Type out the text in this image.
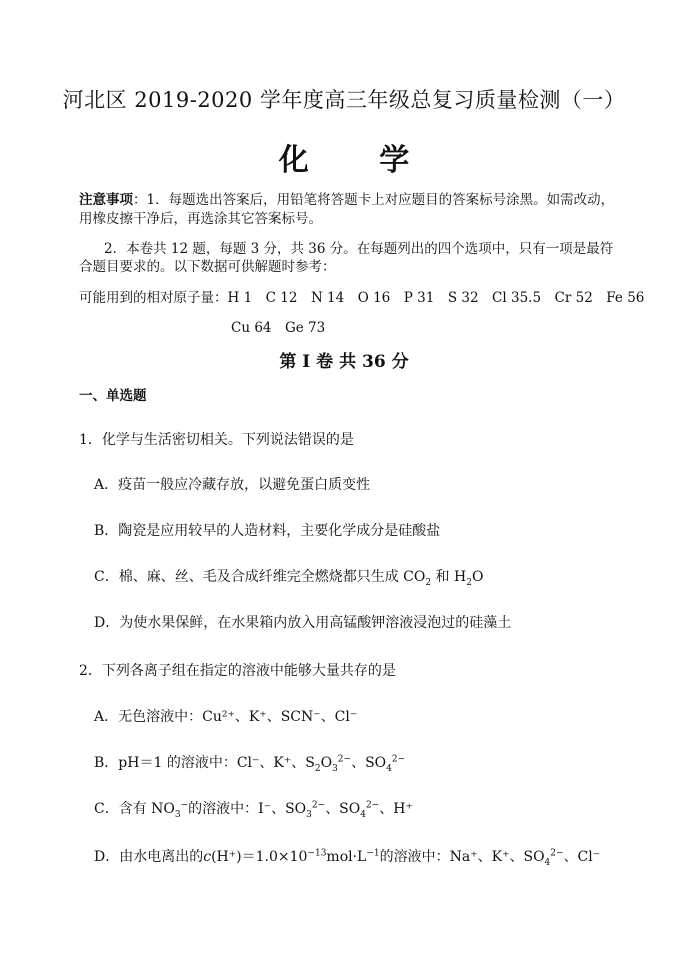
河北区 2019-2020 学年度高三年级总复习质量检测（一）
化 学
注意事项：1．每题选出答案后，用铅笔将答题卡上对应题目的答案标号涂黑。如需改动，
用橡皮擦干净后，再选涂其它答案标号。
2．本卷共 12 题，每题 3 分，共 36 分。在每题列出的四个选项中，只有一项是最符
合题目要求的。以下数据可供解题时参考：
可能用到的相对原子量：H 1　C 12　N 14　O 16　P 31　S 32　Cl 35.5　Cr 52　Fe 56
Cu 64　Ge 73
第 I 卷 共 36 分
一、单选题
1．化学与生活密切相关。下列说法错误的是
A．疫苗一般应冷藏存放，以避免蛋白质变性
B．陶瓷是应用较早的人造材料，主要化学成分是硅酸盐
C．棉、麻、丝、毛及合成纤维完全燃烧都只生成 $CO_2$ 和 $H_2O$
D．为使水果保鲜，在水果箱内放入用高锰酸钾溶液浸泡过的硅藻土
2．下列各离子组在指定的溶液中能够大量共存的是
A．无色溶液中：Cu²⁺、K⁺、SCN⁻、Cl⁻
B．pH＝1 的溶液中：Cl⁻、K⁺、$S_2O_3^{2-}$、$SO_4^{2-}$
C．含有 $NO_3^-$的溶液中：I⁻、$SO_3^{2-}$、$SO_4^{2-}$、H⁺
D．由水电离出的$c(H^+)=1.0\times 10^{-13}mol\cdot L^{-1}$的溶液中：Na⁺、K⁺、$SO_4^{2-}$、Cl⁻
